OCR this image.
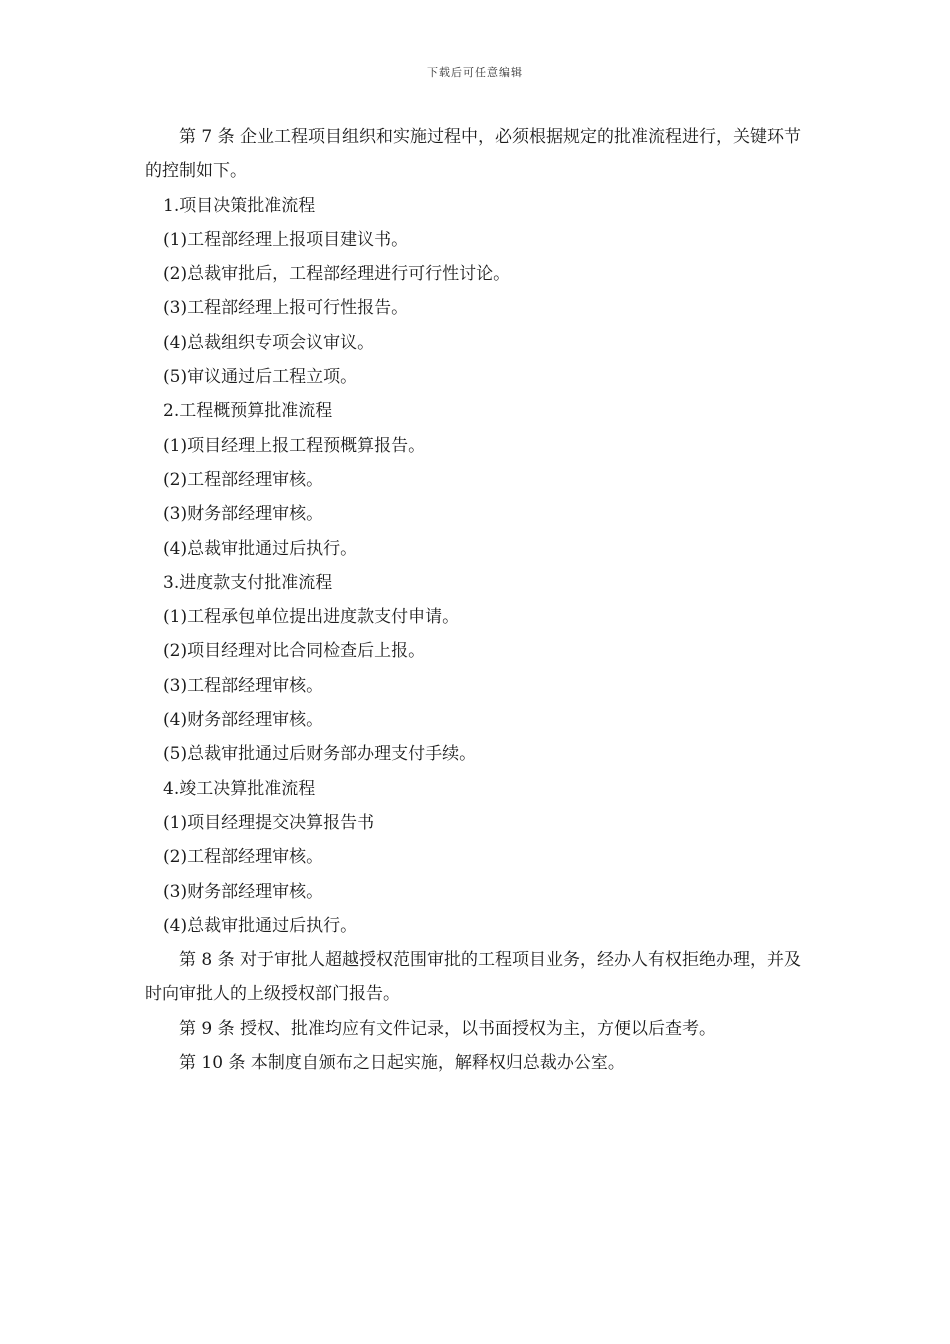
下载后可任意编辑

第 7 条 企业工程项目组织和实施过程中，必须根据规定的批准流程进行，关键环节的控制如下。

1.项目决策批准流程

(1)工程部经理上报项目建议书。

(2)总裁审批后，工程部经理进行可行性讨论。

(3)工程部经理上报可行性报告。

(4)总裁组织专项会议审议。

(5)审议通过后工程立项。

2.工程概预算批准流程

(1)项目经理上报工程预概算报告。

(2)工程部经理审核。

(3)财务部经理审核。

(4)总裁审批通过后执行。

3.进度款支付批准流程

(1)工程承包单位提出进度款支付申请。

(2)项目经理对比合同检查后上报。

(3)工程部经理审核。

(4)财务部经理审核。

(5)总裁审批通过后财务部办理支付手续。

4.竣工决算批准流程

(1)项目经理提交决算报告书

(2)工程部经理审核。

(3)财务部经理审核。

(4)总裁审批通过后执行。

第 8 条 对于审批人超越授权范围审批的工程项目业务，经办人有权拒绝办理，并及时向审批人的上级授权部门报告。

第 9 条 授权、批准均应有文件记录，以书面授权为主，方便以后查考。

第 10 条 本制度自颁布之日起实施，解释权归总裁办公室。
